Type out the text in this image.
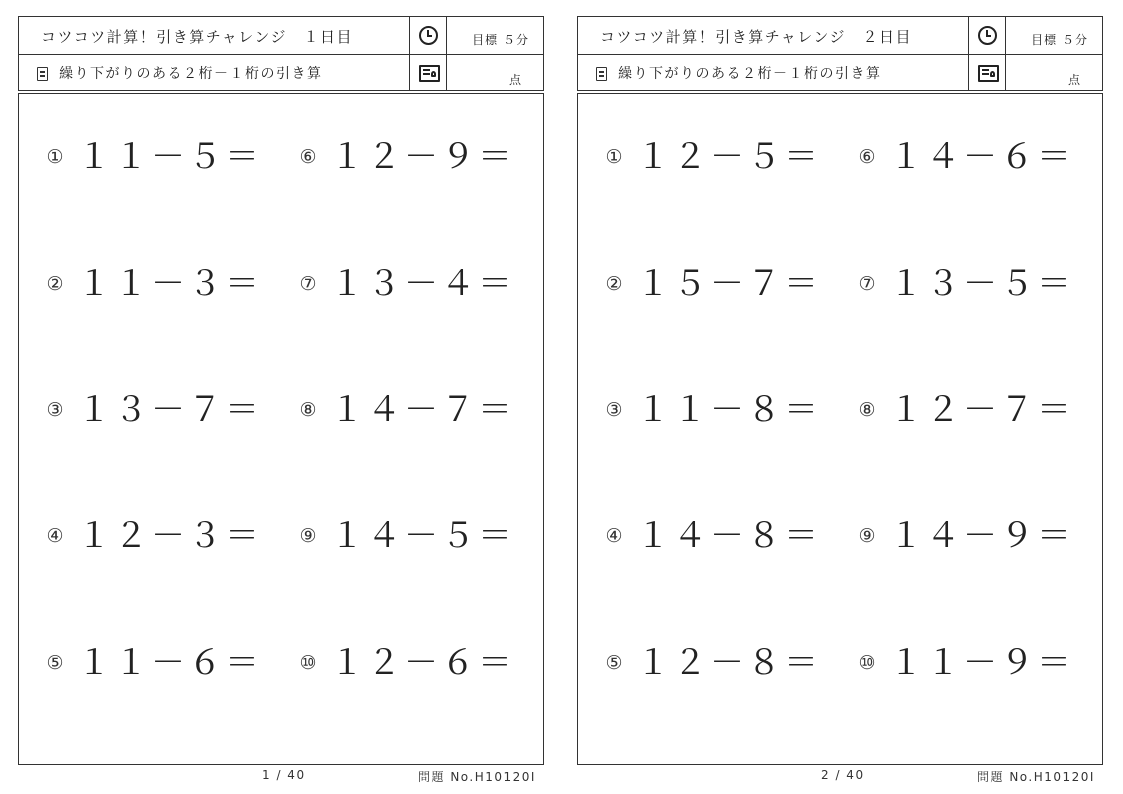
コツコツ計算！引き算チャレンジ　１日目
繰り下がりのある２桁－１桁の引き算
目標 ５分
点
① １１－５＝
② １１－３＝
③ １３－７＝
④ １２－３＝
⑤ １１－６＝
⑥ １２－９＝
⑦ １３－４＝
⑧ １４－７＝
⑨ １４－５＝
⑩ １２－６＝
コツコツ計算！引き算チャレンジ　２日目
繰り下がりのある２桁－１桁の引き算
目標 ５分
点
① １２－５＝
② １５－７＝
③ １１－８＝
④ １４－８＝
⑤ １２－８＝
⑥ １４－６＝
⑦ １３－５＝
⑧ １２－７＝
⑨ １４－９＝
⑩ １１－９＝
1 / 40	問題 No.H10120I	2 / 40	問題 No.H10120I
